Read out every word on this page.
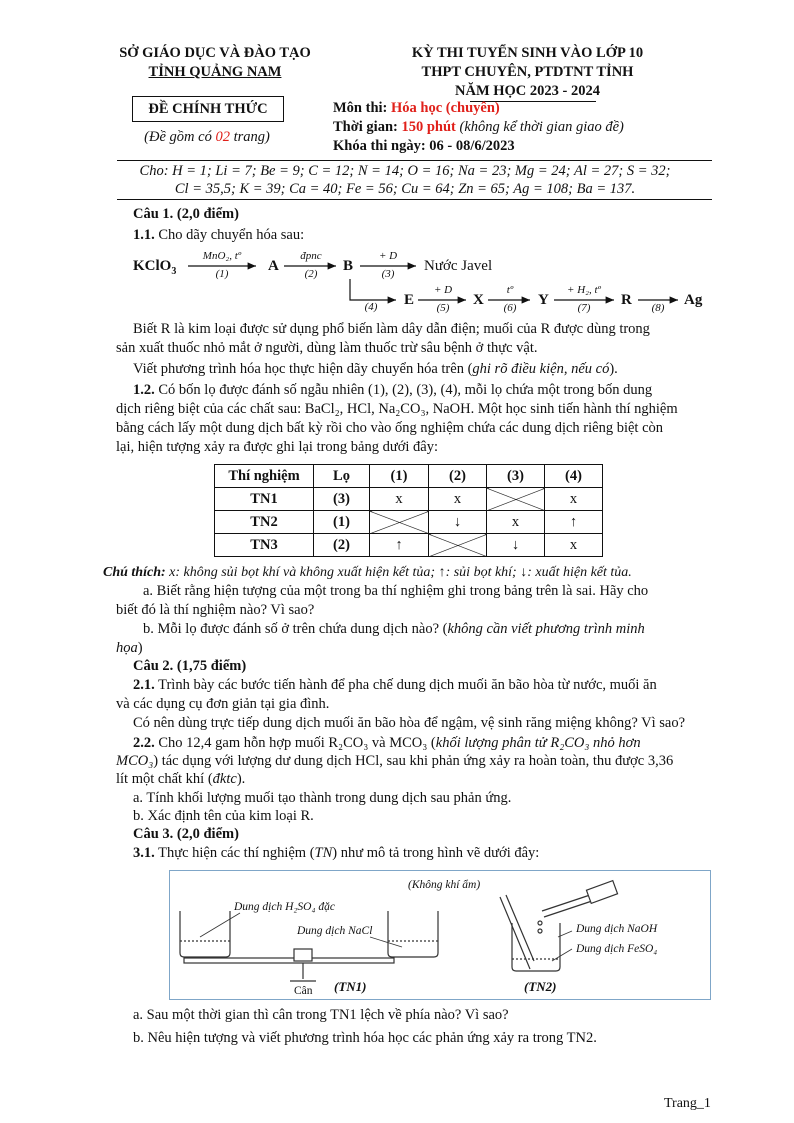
SỞ GIÁO DỤC VÀ ĐÀO TẠO
TỈNH QUẢNG NAM
ĐỀ CHÍNH THỨC
(Đề gồm có 02 trang)
KỲ THI TUYỂN SINH VÀO LỚP 10
THPT CHUYÊN, PTDTNT TỈNH
NĂM HỌC 2023 - 2024
Môn thi: Hóa học (chuyên)
Thời gian: 150 phút (không kể thời gian giao đề)
Khóa thi ngày: 06 - 08/6/2023
Cho: H = 1; Li = 7; Be = 9; C = 12; N = 14; O = 16; Na = 23; Mg = 24; Al = 27; S = 32;
Cl = 35,5; K = 39; Ca = 40; Fe = 56; Cu = 64; Zn = 65; Ag = 108; Ba = 137.

Câu 1. (2,0 điểm)

1.1. Cho dãy chuyển hóa sau:

KClO$_3$
MnO₂, tº
(1)	A
đpnc
(2)	B
+ D
(3)	Nước Javel
(4)	E
+ D
(5)	X
tº
(6)	Y
+ H₂, tº
(7)	R	(8)	Ag

Biết R là kim loại được sử dụng phổ biến làm dây dẫn điện; muối của R được dùng trong

sản xuất thuốc nhỏ mắt ở người, dùng làm thuốc trừ sâu bệnh ở thực vật.

Viết phương trình hóa học thực hiện dãy chuyển hóa trên (ghi rõ điều kiện, nếu có).

1.2. Có bốn lọ được đánh số ngẫu nhiên (1), (2), (3), (4), mỗi lọ chứa một trong bốn dung

dịch riêng biệt của các chất sau: BaCl₂, HCl, Na₂CO₃, NaOH. Một học sinh tiến hành thí nghiệm

bằng cách lấy một dung dịch bất kỳ rồi cho vào ống nghiệm chứa các dung dịch riêng biệt còn

lại, hiện tượng xảy ra được ghi lại trong bảng dưới đây:

Thí nghiệm	Lọ	(1)	(2)	(3)	(4)
TN1	(3)	x	x		x
TN2	(1)		↓	x	↑
TN3	(2)	↑		↓	x

Chú thích: x: không sủi bọt khí và không xuất hiện kết tủa; ↑: sủi bọt khí; ↓: xuất hiện kết tủa.

a. Biết rằng hiện tượng của một trong ba thí nghiệm ghi trong bảng trên là sai. Hãy cho

biết đó là thí nghiệm nào? Vì sao?

b. Mỗi lọ được đánh số ở trên chứa dung dịch nào? (không cần viết phương trình minh

họa)

Câu 2. (1,75 điểm)

2.1. Trình bày các bước tiến hành để pha chế dung dịch muối ăn bão hòa từ nước, muối ăn

và các dụng cụ đơn giản tại gia đình.

Có nên dùng trực tiếp dung dịch muối ăn bão hòa để ngậm, vệ sinh răng miệng không? Vì sao?

2.2. Cho 12,4 gam hỗn hợp muối R₂CO₃ và MCO₃ (khối lượng phân tử R₂CO₃ nhỏ hơn

MCO₃) tác dụng với lượng dư dung dịch HCl, sau khi phản ứng xảy ra hoàn toàn, thu được 3,36

lít một chất khí (đktc).

a. Tính khối lượng muối tạo thành trong dung dịch sau phản ứng.

b. Xác định tên của kim loại R.

Câu 3. (2,0 điểm)

3.1. Thực hiện các thí nghiệm (TN) như mô tả trong hình vẽ dưới đây:

Dung dịch H₂SO₄ đặc
Dung dịch NaCl
Cân (TN1)
(Không khí ẩm)
Dung dịch NaOH
Dung dịch FeSO₄
(TN2)

a. Sau một thời gian thì cân trong TN1 lệch về phía nào? Vì sao?

b. Nêu hiện tượng và viết phương trình hóa học các phản ứng xảy ra trong TN2.

Trang_1
